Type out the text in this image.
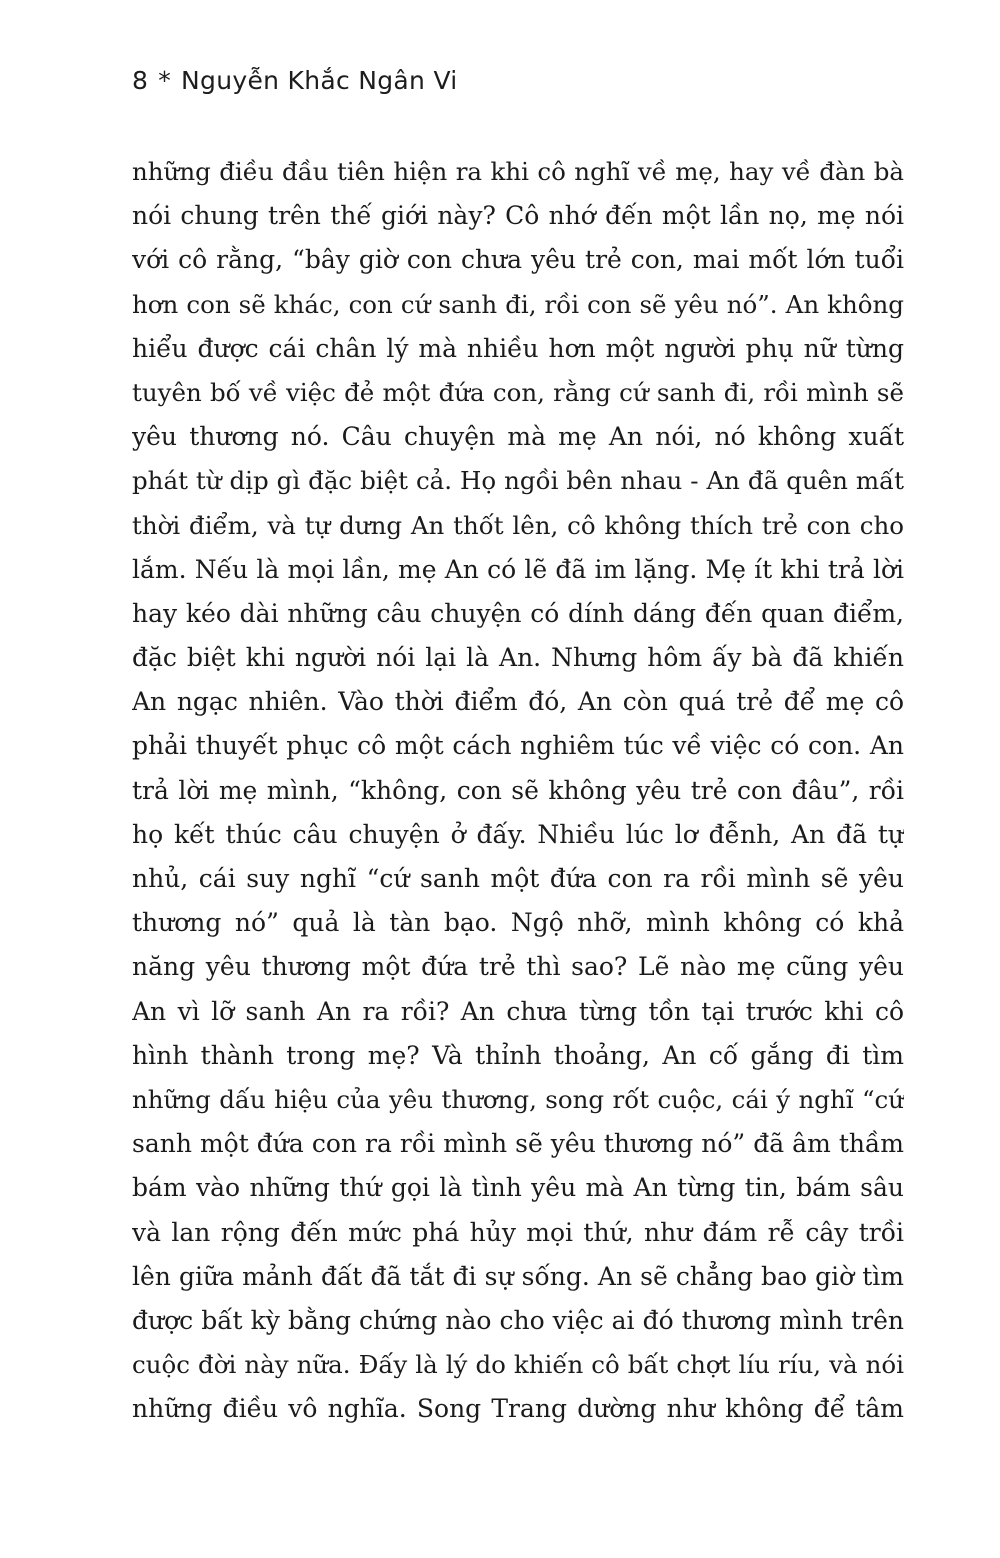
8 * Nguyễn Khắc Ngân Vi
những điều đầu tiên hiện ra khi cô nghĩ về mẹ, hay về đàn bà
nói chung trên thế giới này? Cô nhớ đến một lần nọ, mẹ nói
với cô rằng, “bây giờ con chưa yêu trẻ con, mai mốt lớn tuổi
hơn con sẽ khác, con cứ sanh đi, rồi con sẽ yêu nó”. An không
hiểu được cái chân lý mà nhiều hơn một người phụ nữ từng
tuyên bố về việc đẻ một đứa con, rằng cứ sanh đi, rồi mình sẽ
yêu thương nó. Câu chuyện mà mẹ An nói, nó không xuất
phát từ dịp gì đặc biệt cả. Họ ngồi bên nhau - An đã quên mất
thời điểm, và tự dưng An thốt lên, cô không thích trẻ con cho
lắm. Nếu là mọi lần, mẹ An có lẽ đã im lặng. Mẹ ít khi trả lời
hay kéo dài những câu chuyện có dính dáng đến quan điểm,
đặc biệt khi người nói lại là An. Nhưng hôm ấy bà đã khiến
An ngạc nhiên. Vào thời điểm đó, An còn quá trẻ để mẹ cô
phải thuyết phục cô một cách nghiêm túc về việc có con. An
trả lời mẹ mình, “không, con sẽ không yêu trẻ con đâu”, rồi
họ kết thúc câu chuyện ở đấy. Nhiều lúc lơ đễnh, An đã tự
nhủ, cái suy nghĩ “cứ sanh một đứa con ra rồi mình sẽ yêu
thương nó” quả là tàn bạo. Ngộ nhỡ, mình không có khả
năng yêu thương một đứa trẻ thì sao? Lẽ nào mẹ cũng yêu
An vì lỡ sanh An ra rồi? An chưa từng tồn tại trước khi cô
hình thành trong mẹ? Và thỉnh thoảng, An cố gắng đi tìm
những dấu hiệu của yêu thương, song rốt cuộc, cái ý nghĩ “cứ
sanh một đứa con ra rồi mình sẽ yêu thương nó” đã âm thầm
bám vào những thứ gọi là tình yêu mà An từng tin, bám sâu
và lan rộng đến mức phá hủy mọi thứ, như đám rễ cây trồi
lên giữa mảnh đất đã tắt đi sự sống. An sẽ chẳng bao giờ tìm
được bất kỳ bằng chứng nào cho việc ai đó thương mình trên
cuộc đời này nữa. Đấy là lý do khiến cô bất chợt líu ríu, và nói
những điều vô nghĩa. Song Trang dường như không để tâm
